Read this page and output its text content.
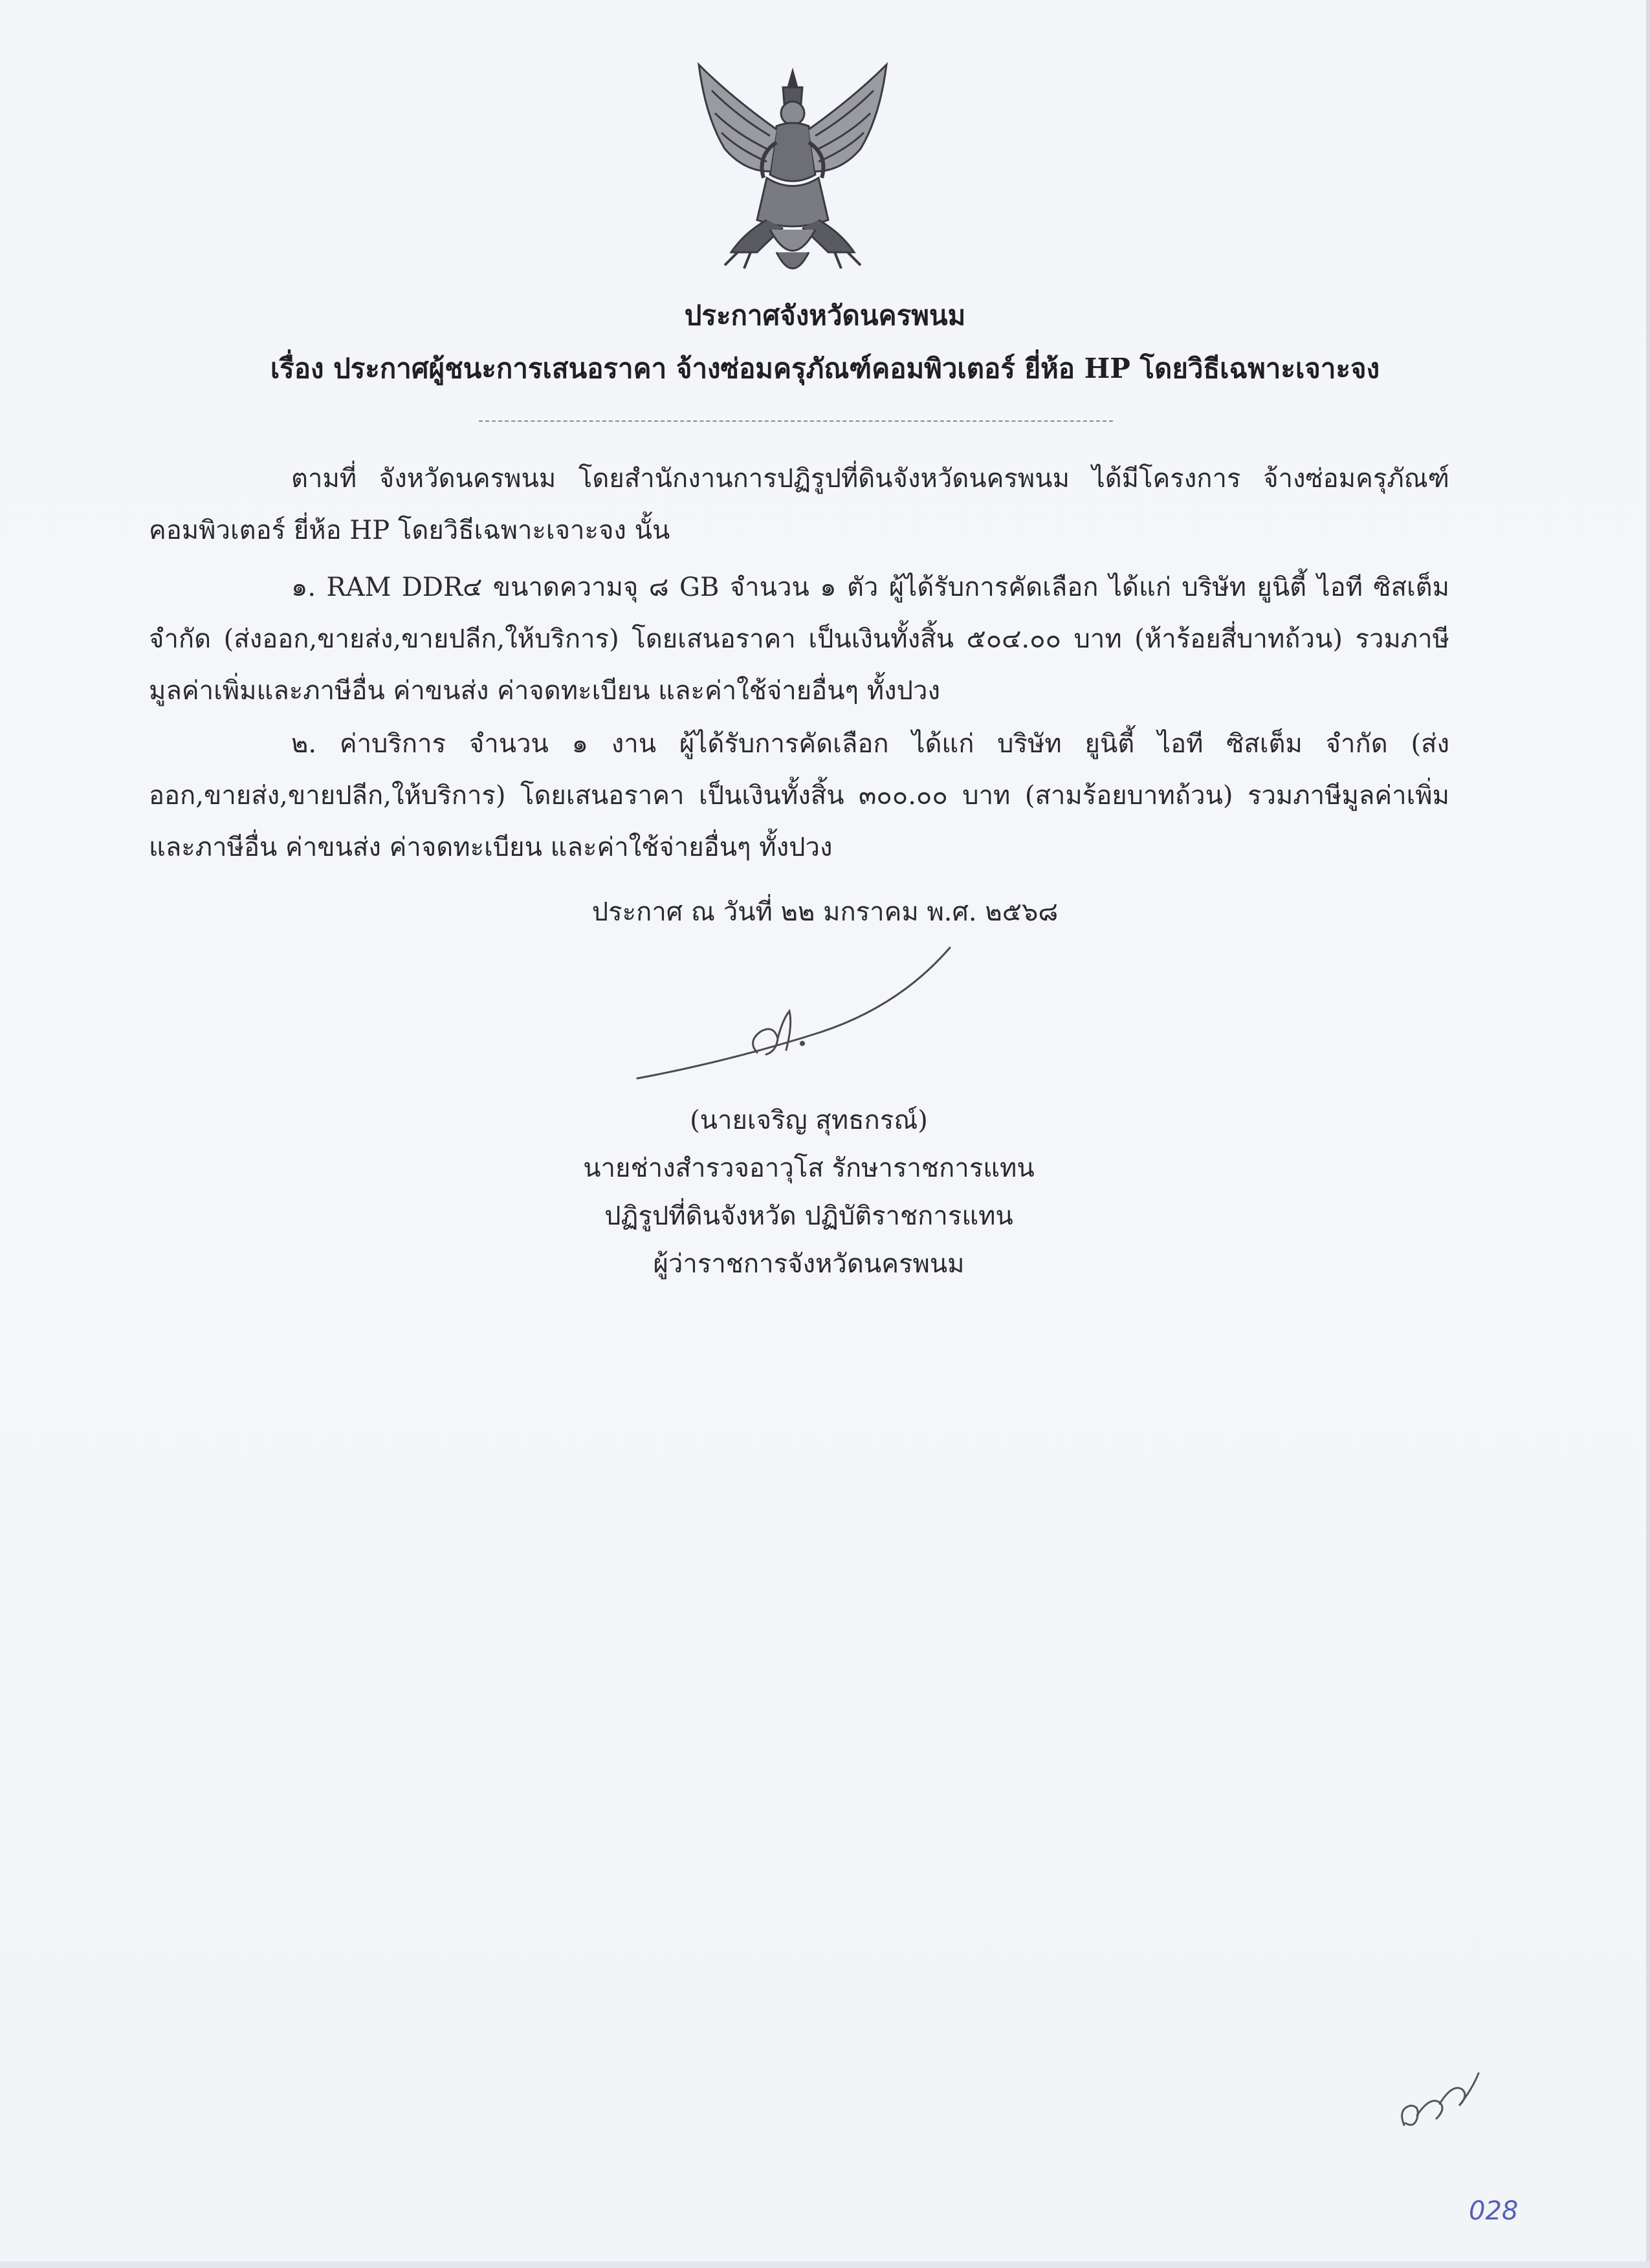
ประกาศจังหวัดนครพนม
เรื่อง ประกาศผู้ชนะการเสนอราคา จ้างซ่อมครุภัณฑ์คอมพิวเตอร์ ยี่ห้อ HP โดยวิธีเฉพาะเจาะจง
ตามที่ จังหวัดนครพนม โดยสำนักงานการปฏิรูปที่ดินจังหวัดนครพนม ได้มีโครงการ จ้างซ่อมครุภัณฑ์คอมพิวเตอร์ ยี่ห้อ HP โดยวิธีเฉพาะเจาะจง นั้น
๑. RAM DDR๔ ขนาดความจุ ๘ GB จำนวน ๑ ตัว ผู้ได้รับการคัดเลือก ได้แก่ บริษัท ยูนิตี้ ไอที ซิสเต็ม จำกัด (ส่งออก,ขายส่ง,ขายปลีก,ให้บริการ) โดยเสนอราคา เป็นเงินทั้งสิ้น ๕๐๔.๐๐ บาท (ห้าร้อยสี่บาทถ้วน) รวมภาษีมูลค่าเพิ่มและภาษีอื่น ค่าขนส่ง ค่าจดทะเบียน และค่าใช้จ่ายอื่นๆ ทั้งปวง
๒. ค่าบริการ จำนวน ๑ งาน ผู้ได้รับการคัดเลือก ได้แก่ บริษัท ยูนิตี้ ไอที ซิสเต็ม จำกัด (ส่งออก,ขายส่ง,ขายปลีก,ให้บริการ) โดยเสนอราคา เป็นเงินทั้งสิ้น ๓๐๐.๐๐ บาท (สามร้อยบาทถ้วน) รวมภาษีมูลค่าเพิ่มและภาษีอื่น ค่าขนส่ง ค่าจดทะเบียน และค่าใช้จ่ายอื่นๆ ทั้งปวง
ประกาศ ณ วันที่ ๒๒ มกราคม พ.ศ. ๒๕๖๘
(นายเจริญ สุทธกรณ์)
นายช่างสำรวจอาวุโส รักษาราชการแทน
ปฏิรูปที่ดินจังหวัด ปฏิบัติราชการแทน
ผู้ว่าราชการจังหวัดนครพนม
028
